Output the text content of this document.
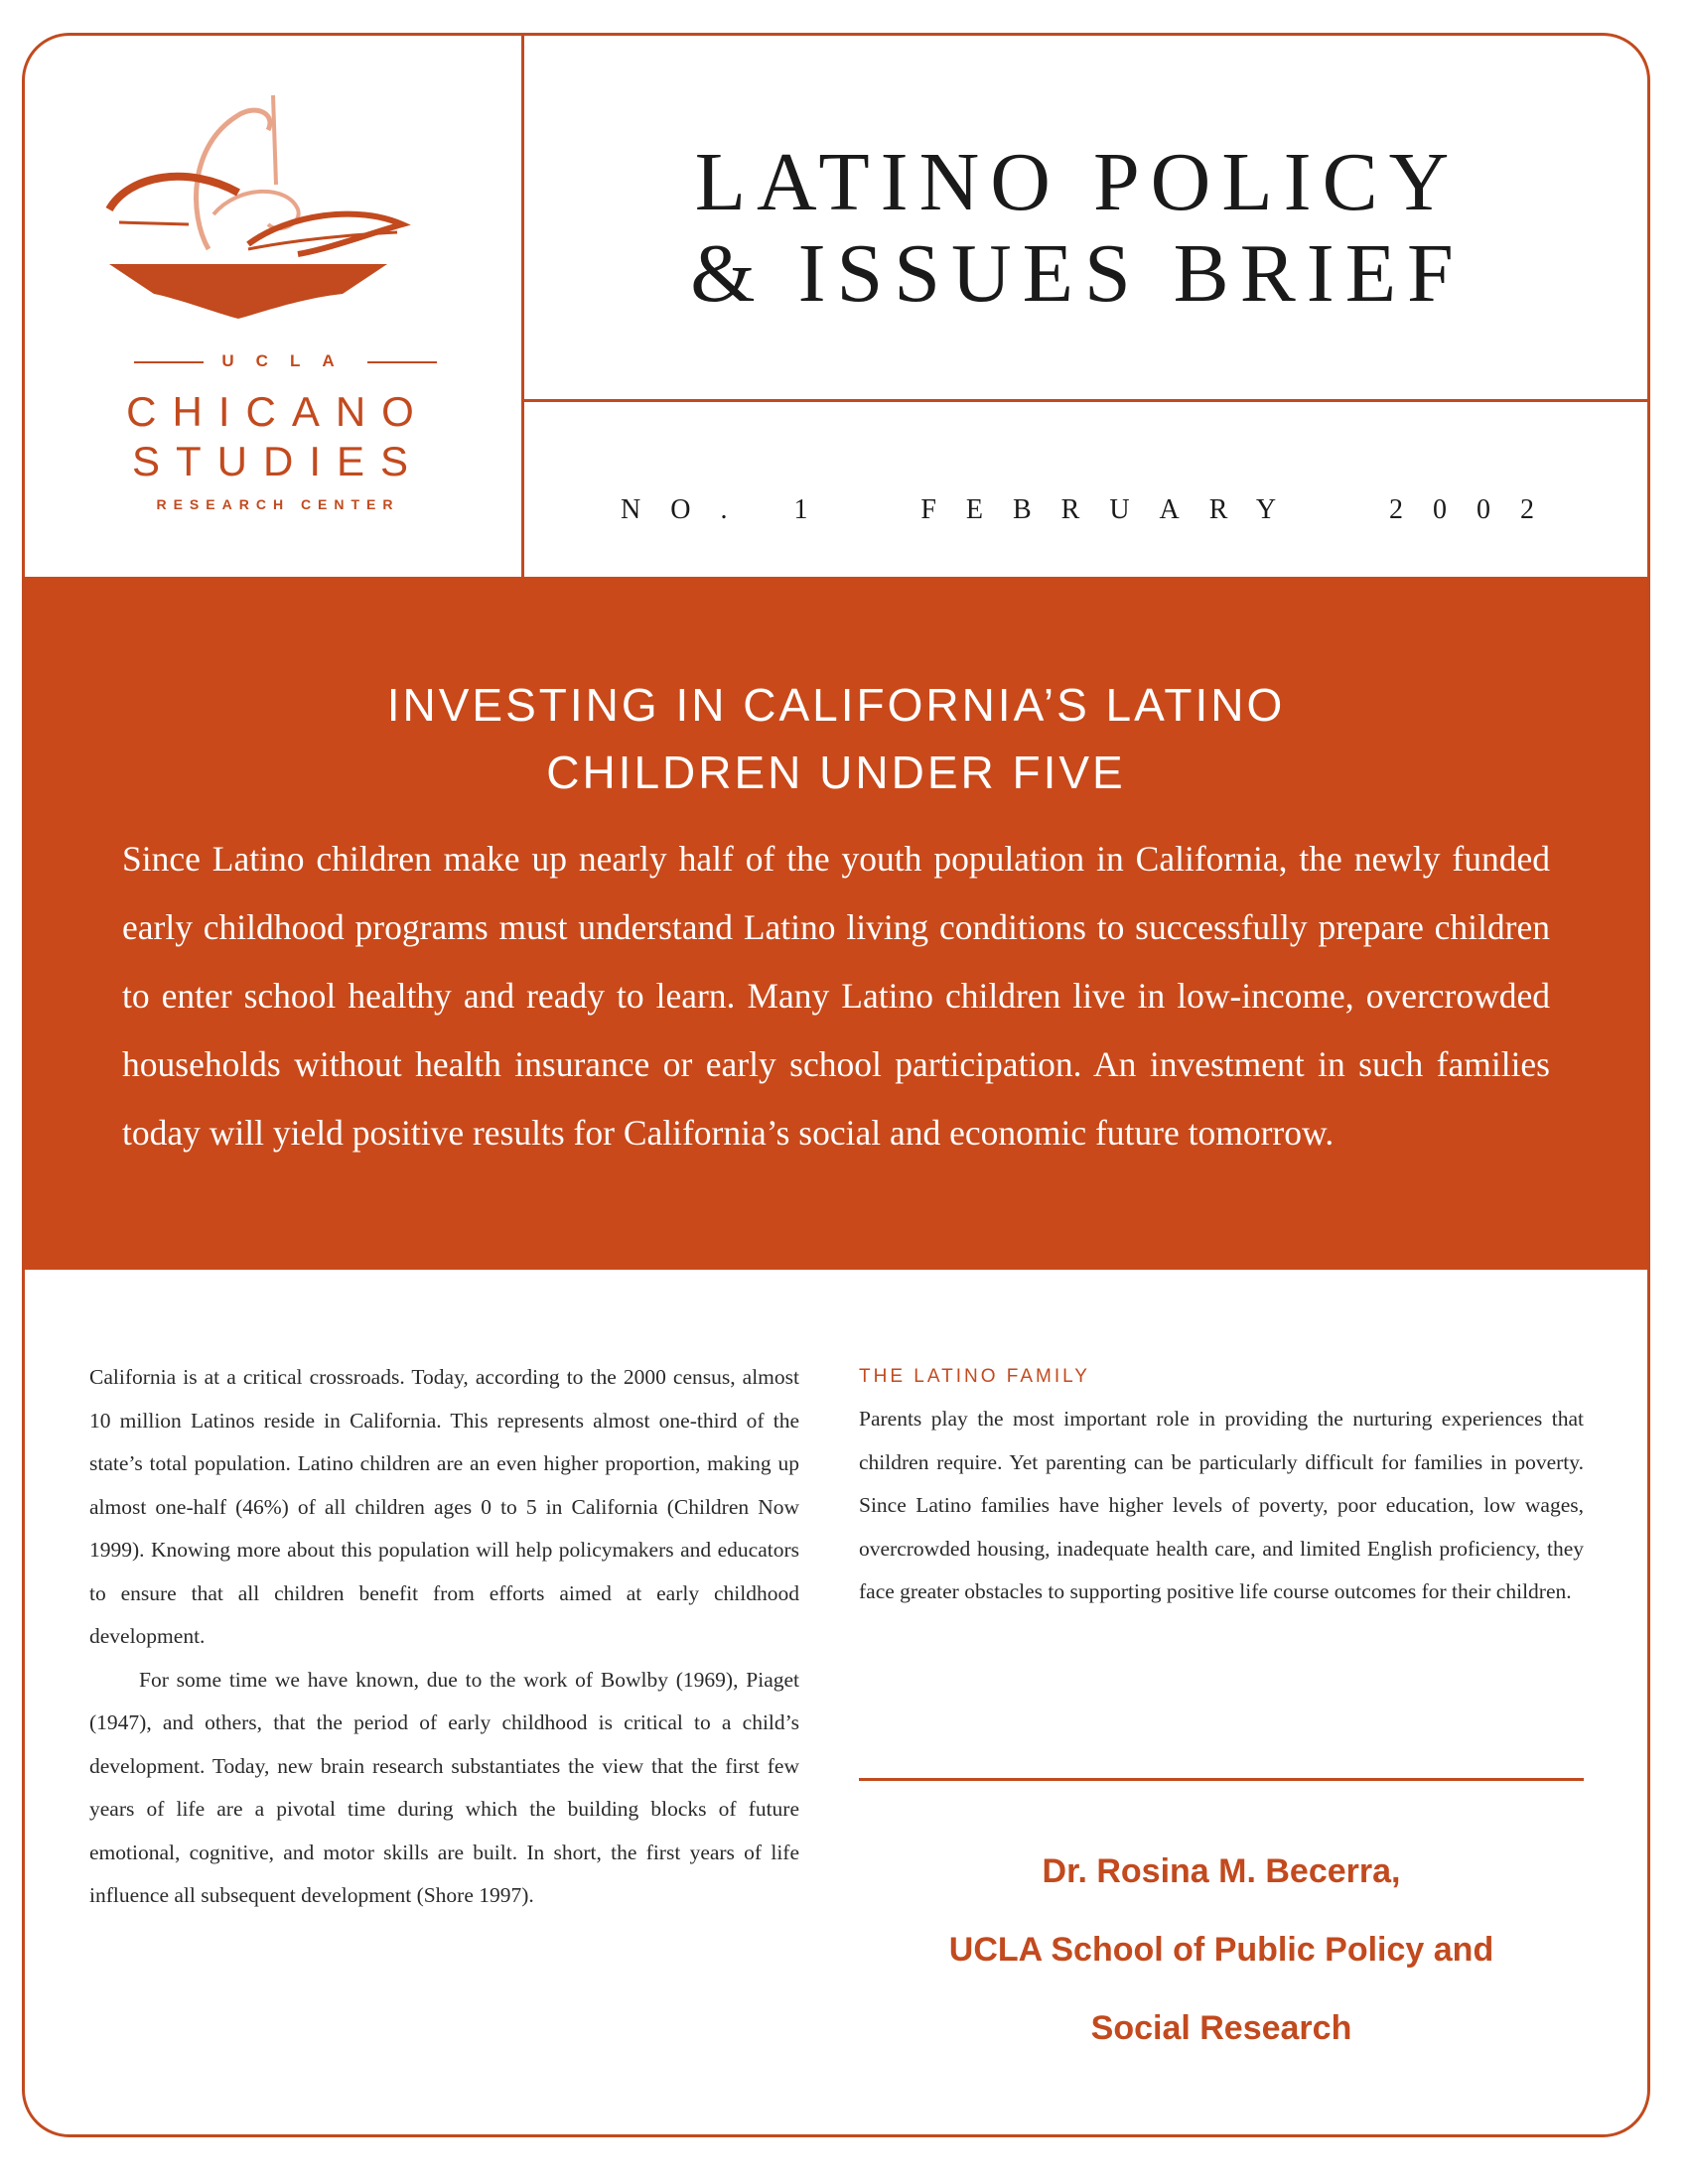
UCLA
CHICANO
STUDIES
RESEARCH CENTER
LATINO POLICY
& ISSUES BRIEF
NO. 1	FEBRUARY	2002
INVESTING IN CALIFORNIA’S LATINO
CHILDREN UNDER FIVE
Since Latino children make up nearly half of the youth population in California, the newly funded early childhood programs must understand Latino living conditions to successfully prepare children to enter school healthy and ready to learn. Many Latino children live in low-income, overcrowded households without health insurance or early school participation. An investment in such families today will yield positive results for California’s social and economic future tomorrow.

California is at a critical crossroads. Today, according to the 2000 census, almost 10 million Latinos reside in California. This represents almost one-third of the state’s total population. Latino children are an even higher proportion, making up almost one-half (46%) of all children ages 0 to 5 in California (Children Now 1999). Knowing more about this population will help policymakers and educators to ensure that all children benefit from efforts aimed at early childhood development.

For some time we have known, due to the work of Bowlby (1969), Piaget (1947), and others, that the period of early childhood is critical to a child’s development. Today, new brain research substantiates the view that the first few years of life are a pivotal time during which the building blocks of future emotional, cognitive, and motor skills are built. In short, the first years of life influence all subsequent development (Shore 1997).

THE LATINO FAMILY

Parents play the most important role in providing the nurturing experiences that children require. Yet parenting can be particularly difficult for families in poverty. Since Latino families have higher levels of poverty, poor education, low wages, overcrowded housing, inadequate health care, and limited English proficiency, they face greater obstacles to supporting positive life course outcomes for their children.

Dr. Rosina M. Becerra,
UCLA School of Public Policy and
Social Research
